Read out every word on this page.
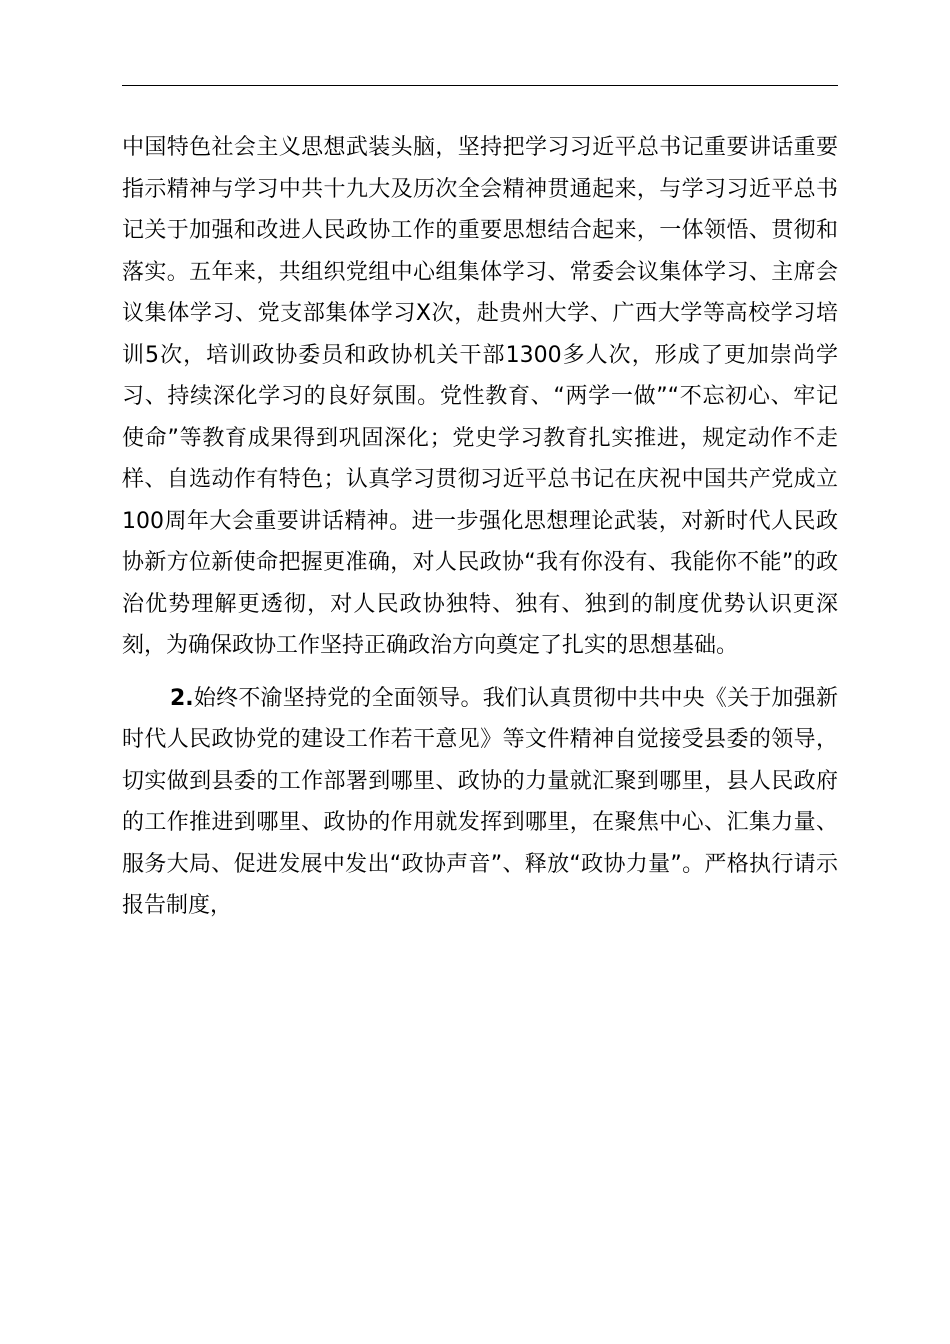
中国特色社会主义思想武装头脑，坚持把学习习近平总书记重要讲话重要指示精神与学习中共十九大及历次全会精神贯通起来，与学习习近平总书记关于加强和改进人民政协工作的重要思想结合起来，一体领悟、贯彻和落实。五年来，共组织党组中心组集体学习、常委会议集体学习、主席会议集体学习、党支部集体学习X次，赴贵州大学、广西大学等高校学习培训5次，培训政协委员和政协机关干部1300多人次，形成了更加崇尚学习、持续深化学习的良好氛围。党性教育、“两学一做”“不忘初心、牢记使命”等教育成果得到巩固深化；党史学习教育扎实推进，规定动作不走样、自选动作有特色；认真学习贯彻习近平总书记在庆祝中国共产党成立100周年大会重要讲话精神。进一步强化思想理论武装，对新时代人民政协新方位新使命把握更准确，对人民政协“我有你没有、我能你不能”的政治优势理解更透彻，对人民政协独特、独有、独到的制度优势认识更深刻，为确保政协工作坚持正确政治方向奠定了扎实的思想基础。

2.始终不渝坚持党的全面领导。我们认真贯彻中共中央《关于加强新时代人民政协党的建设工作若干意见》等文件精神自觉接受县委的领导，切实做到县委的工作部署到哪里、政协的力量就汇聚到哪里，县人民政府的工作推进到哪里、政协的作用就发挥到哪里，在聚焦中心、汇集力量、服务大局、促进发展中发出“政协声音”、释放“政协力量”。严格执行请示报告制度，
